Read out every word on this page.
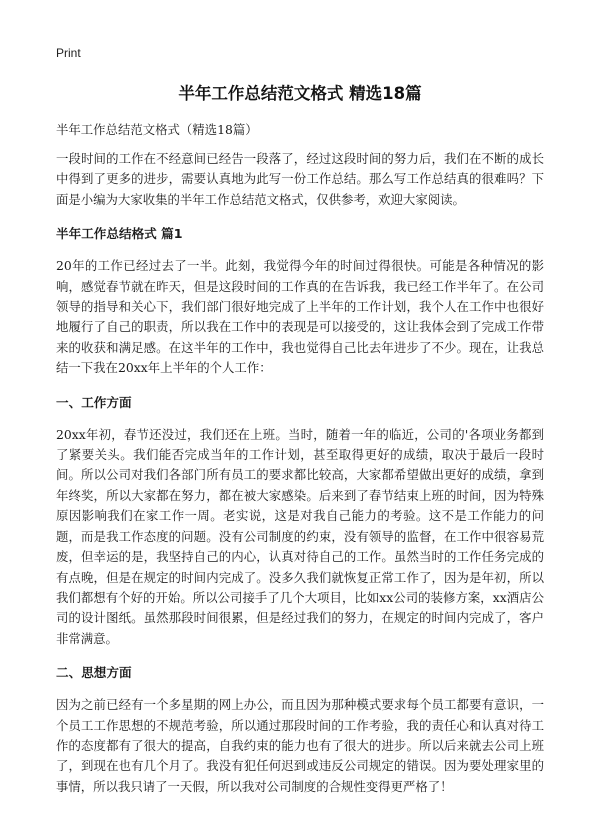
Print
半年工作总结范文格式 精选18篇

半年工作总结范文格式（精选18篇）

一段时间的工作在不经意间已经告一段落了，经过这段时间的努力后，我们在不断的成长中得到了更多的进步，需要认真地为此写一份工作总结。那么写工作总结真的很难吗？下面是小编为大家收集的半年工作总结范文格式，仅供参考，欢迎大家阅读。

半年工作总结格式 篇1

20年的工作已经过去了一半。此刻，我觉得今年的时间过得很快。可能是各种情况的影响，感觉春节就在昨天，但是这段时间的工作真的在告诉我，我已经工作半年了。在公司领导的指导和关心下，我们部门很好地完成了上半年的工作计划，我个人在工作中也很好地履行了自己的职责，所以我在工作中的表现是可以接受的，这让我体会到了完成工作带来的收获和满足感。在这半年的工作中，我也觉得自己比去年进步了不少。现在，让我总结一下我在20xx年上半年的个人工作：

一、工作方面

20xx年初，春节还没过，我们还在上班。当时，随着一年的临近，公司的'各项业务都到了紧要关头。我们能否完成当年的工作计划，甚至取得更好的成绩，取决于最后一段时间。所以公司对我们各部门所有员工的要求都比较高，大家都希望做出更好的成绩，拿到年终奖，所以大家都在努力，都在被大家感染。后来到了春节结束上班的时间，因为特殊原因影响我们在家工作一周。老实说，这是对我自己能力的考验。这不是工作能力的问题，而是我工作态度的问题。没有公司制度的约束，没有领导的监督，在工作中很容易荒废，但幸运的是，我坚持自己的内心，认真对待自己的工作。虽然当时的工作任务完成的有点晚，但是在规定的时间内完成了。没多久我们就恢复正常工作了，因为是年初，所以我们都想有个好的开始。所以公司接手了几个大项目，比如xx公司的装修方案，xx酒店公司的设计图纸。虽然那段时间很累，但是经过我们的努力，在规定的时间内完成了，客户非常满意。

二、思想方面

因为之前已经有一个多星期的网上办公，而且因为那种模式要求每个员工都要有意识，一个员工工作思想的不规范考验，所以通过那段时间的工作考验，我的责任心和认真对待工作的态度都有了很大的提高，自我约束的能力也有了很大的进步。所以后来就去公司上班了，到现在也有几个月了。我没有犯任何迟到或违反公司规定的错误。因为要处理家里的事情，所以我只请了一天假，所以我对公司制度的合规性变得更严格了！
